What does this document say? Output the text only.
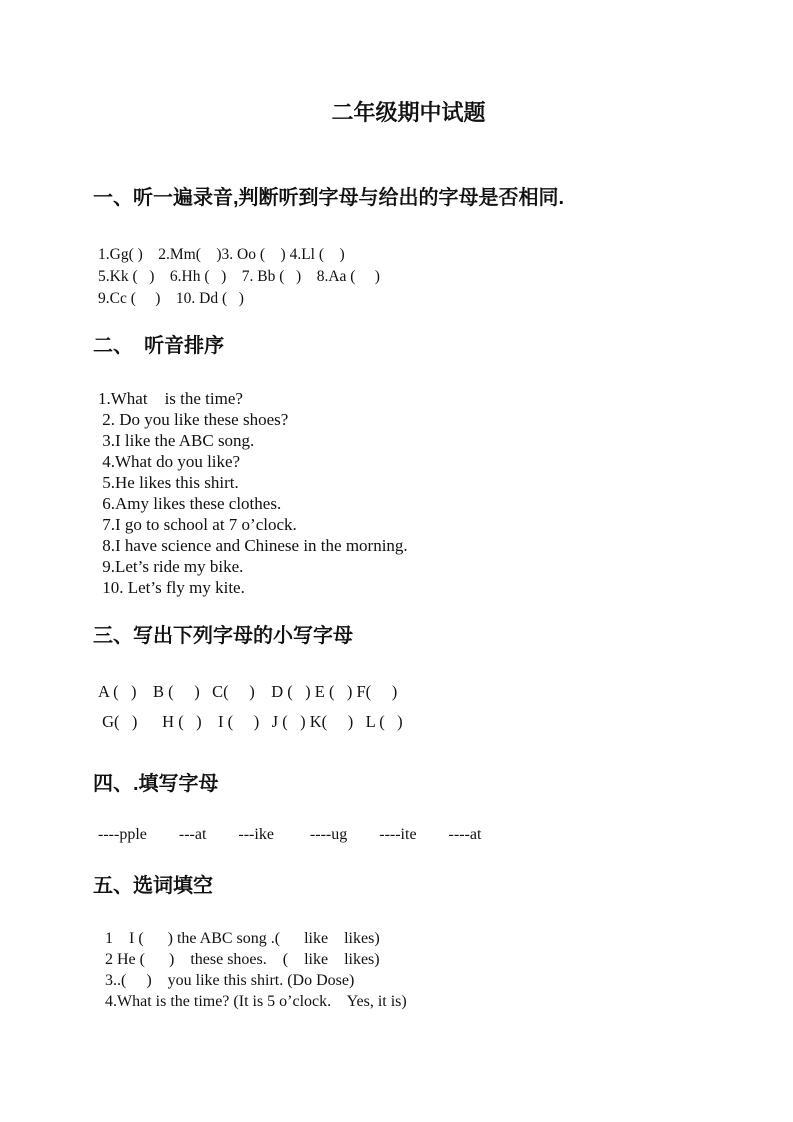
二年级期中试题
一、听一遍录音,判断听到字母与给出的字母是否相同.
1.Gg( )    2.Mm(    )3. Oo (    ) 4.Ll (    )
5.Kk (   )    6.Hh (   )    7. Bb (   )    8.Aa (     )
9.Cc (     )    10. Dd (   )
二、  听音排序
1.What    is the time?
2. Do you like these shoes?
3.I like the ABC song.
4.What do you like?
5.He likes this shirt.
6.Amy likes these clothes.
7.I go to school at 7 o’clock.
8.I have science and Chinese in the morning.
9.Let’s ride my bike.
10. Let’s fly my kite.
三、写出下列字母的小写字母
A (   )    B (     )   C(     )    D (   ) E (   ) F(     )
G(   )      H (   )    I (     )   J (   ) K(     )   L (   )
四、.填写字母
----pple        ---at        ---ike         ----ug        ----ite        ----at
五、选词填空
1    I (      ) the ABC song .(      like    likes)
2 He (      )    these shoes.    (    like    likes)
3..(     )    you like this shirt. (Do Dose)
4.What is the time? (It is 5 o’clock.    Yes, it is)
